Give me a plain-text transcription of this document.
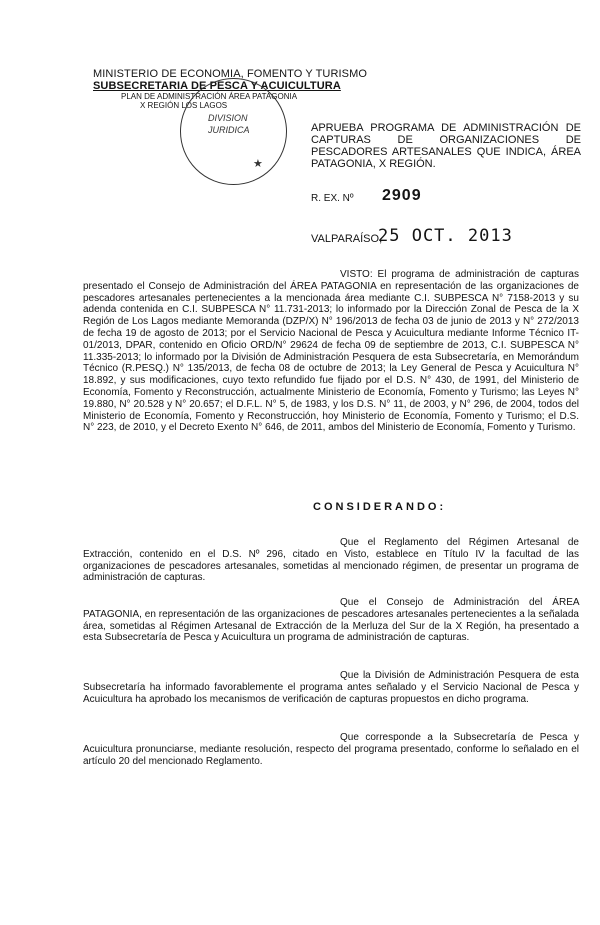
MINISTERIO DE ECONOMIA, FOMENTO Y TURISMO
SUBSECRETARIA DE PESCA Y ACUICULTURA
PLAN DE ADMINISTRACIÓN ÁREA PATAGONIA
X REGIÓN LOS LAGOS
DIVISION
JURIDICA
★
APRUEBA PROGRAMA DE ADMINISTRACIÓN DE CAPTURAS DE ORGANIZACIONES DE PESCADORES ARTESANALES QUE INDICA, ÁREA PATAGONIA, X REGIÓN.
R. EX. Nº 2909
VALPARAÍSO,
25 OCT. 2013
VISTO: El programa de administración de capturas presentado el Consejo de Administración del ÁREA PATAGONIA en representación de las organizaciones de pescadores artesanales pertenecientes a la mencionada área mediante C.I. SUBPESCA N° 7158-2013 y su adenda contenida en C.I. SUBPESCA N° 11.731-2013; lo informado por la Dirección Zonal de Pesca de la X Región de Los Lagos mediante Memoranda (DZP/X) N° 196/2013 de fecha 03 de junio de 2013 y N° 272/2013 de fecha 19 de agosto de 2013; por el Servicio Nacional de Pesca y Acuicultura mediante Informe Técnico IT-01/2013, DPAR, contenido en Oficio ORD/N° 29624 de fecha 09 de septiembre de 2013, C.I. SUBPESCA N° 11.335-2013; lo informado por la División de Administración Pesquera de esta Subsecretaría, en Memorándum Técnico (R.PESQ.) N° 135/2013, de fecha 08 de octubre de 2013; la Ley General de Pesca y Acuicultura N° 18.892, y sus modificaciones, cuyo texto refundido fue fijado por el D.S. N° 430, de 1991, del Ministerio de Economía, Fomento y Reconstrucción, actualmente Ministerio de Economía, Fomento y Turismo; las Leyes N° 19.880, N° 20.528 y N° 20.657; el D.F.L. N° 5, de 1983, y los D.S. N° 11, de 2003, y N° 296, de 2004, todos del Ministerio de Economía, Fomento y Reconstrucción, hoy Ministerio de Economía, Fomento y Turismo; el D.S. N° 223, de 2010, y el Decreto Exento N° 646, de 2011, ambos del Ministerio de Economía, Fomento y Turismo.
CONSIDERANDO:
Que el Reglamento del Régimen Artesanal de Extracción, contenido en el D.S. Nº 296, citado en Visto, establece en Título IV la facultad de las organizaciones de pescadores artesanales, sometidas al mencionado régimen, de presentar un programa de administración de capturas.
Que el Consejo de Administración del ÁREA PATAGONIA, en representación de las organizaciones de pescadores artesanales pertenecientes a la señalada área, sometidas al Régimen Artesanal de Extracción de la Merluza del Sur de la X Región, ha presentado a esta Subsecretaría de Pesca y Acuicultura un programa de administración de capturas.
Que la División de Administración Pesquera de esta Subsecretaría ha informado favorablemente el programa antes señalado y el Servicio Nacional de Pesca y Acuicultura ha aprobado los mecanismos de verificación de capturas propuestos en dicho programa.
Que corresponde a la Subsecretaría de Pesca y Acuicultura pronunciarse, mediante resolución, respecto del programa presentado, conforme lo señalado en el artículo 20 del mencionado Reglamento.
